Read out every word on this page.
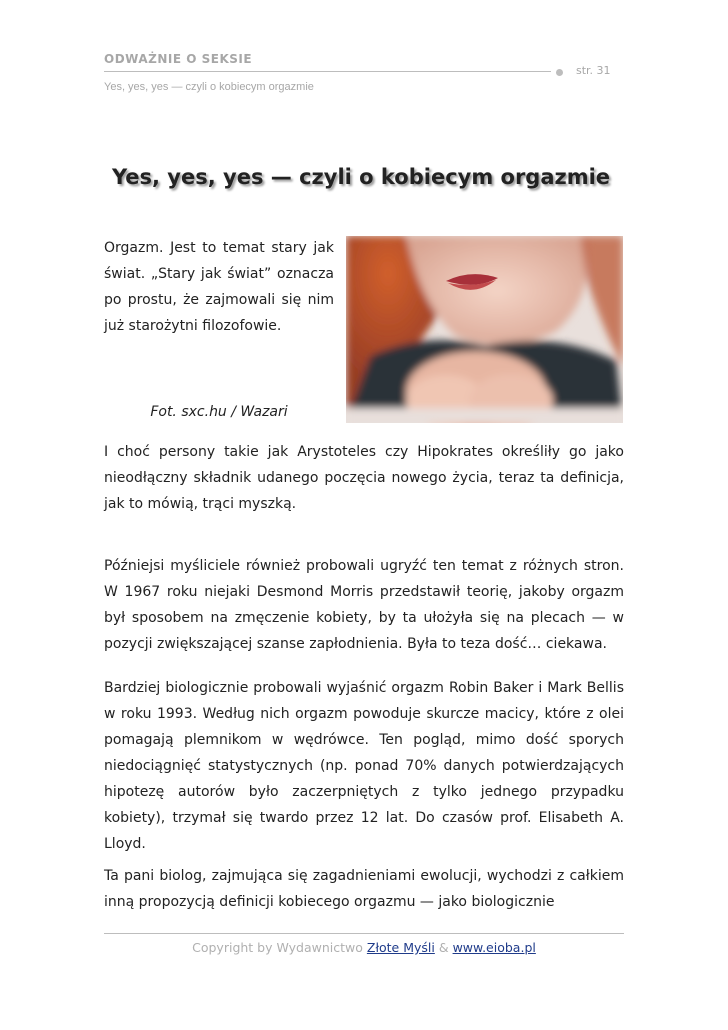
ODWAŻNIE O SEKSIE
str. 31
Yes, yes, yes — czyli o kobiecym orgazmie
Yes, yes, yes — czyli o kobiecym orgazmie
Orgazm. Jest to temat stary jak świat. „Stary jak świat” oznacza po prostu, że zajmowali się nim już starożytni filozofowie.
Fot. sxc.hu / Wazari
I choć persony takie jak Arystoteles czy Hipokrates określiły go jako nieodłączny składnik udanego poczęcia nowego życia, teraz ta definicja, jak to mówią, trąci myszką.
Późniejsi myśliciele również probowali ugryźć ten temat z różnych stron. W 1967 roku niejaki Desmond Morris przedstawił teorię, jakoby orgazm był sposobem na zmęczenie kobiety, by ta ułożyła się na plecach — w pozycji zwiększającej szanse zapłodnienia. Była to teza dość… ciekawa.
Bardziej biologicznie probowali wyjaśnić orgazm Robin Baker i Mark Bellis w roku 1993. Według nich orgazm powoduje skurcze macicy, które z olei pomagają plemnikom w wędrówce. Ten pogląd, mimo dość sporych niedociągnięć statystycznych (np. ponad 70% danych potwierdzających hipotezę autorów było zaczerpniętych z tylko jednego przypadku kobiety), trzymał się twardo przez 12 lat. Do czasów prof. Elisabeth A. Lloyd.
Ta pani biolog, zajmująca się zagadnieniami ewolucji, wychodzi z całkiem inną propozycją definicji kobiecego orgazmu — jako biologicznie
Copyright by Wydawnictwo Złote Myśli & www.eioba.pl
